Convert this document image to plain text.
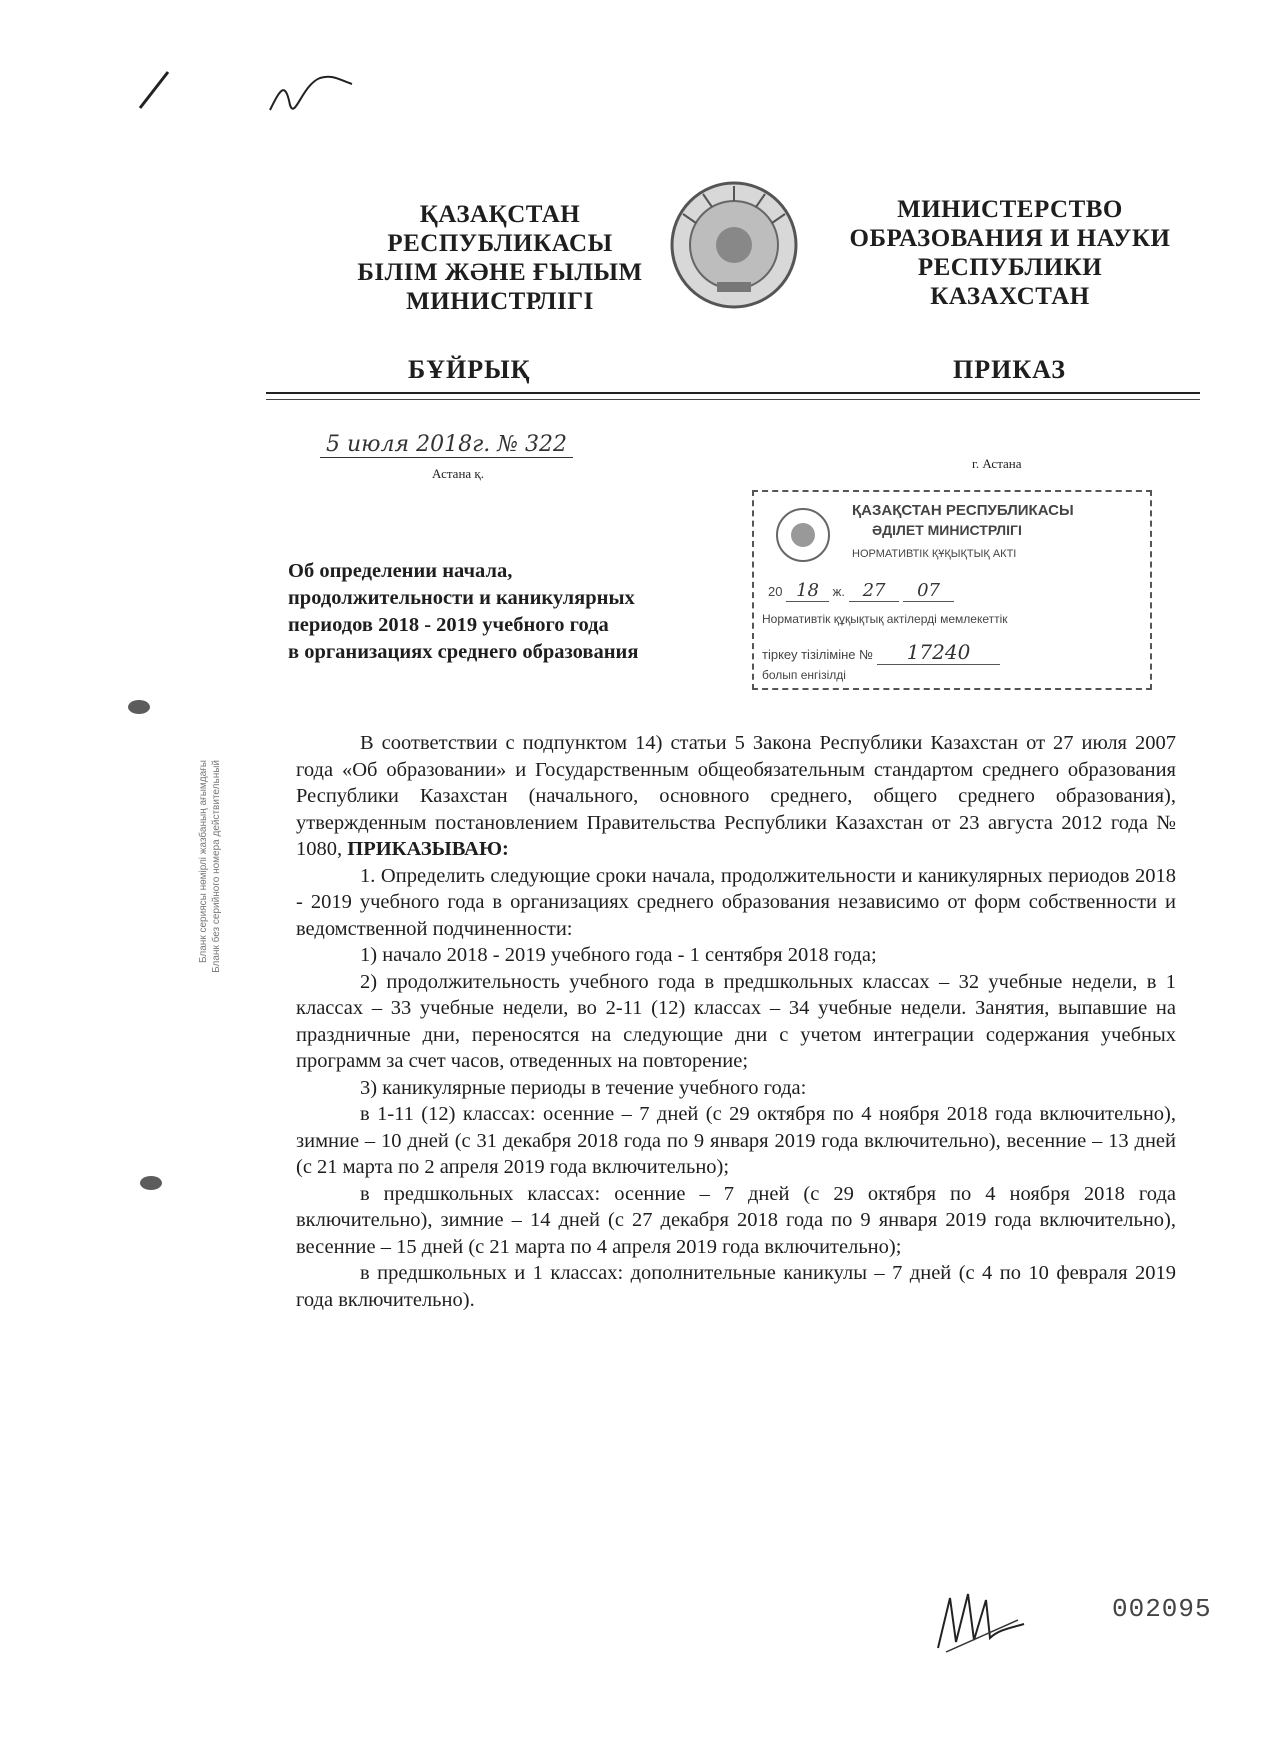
ҚАЗАҚСТАН
РЕСПУБЛИКАСЫ
БІЛІМ ЖӘНЕ ҒЫЛЫМ
МИНИСТРЛІГІ
МИНИСТЕРСТВО
ОБРАЗОВАНИЯ И НАУКИ
РЕСПУБЛИКИ
КАЗАХСТАН
БҰЙРЫҚ	ПРИКАЗ
5 июля 2018г. № 322
Астана қ.
г. Астана
ҚАЗАҚСТАН РЕСПУБЛИКАСЫ
ӘДІЛЕТ МИНИСТРЛІГІ
НОРМАТИВТІК ҚҰҚЫҚТЫҚ АКТІ
20 18 ж. 27 07
Нормативтік құқықтық актілерді мемлекеттік
тіркеу тізіліміне № 17240
болып енгізілді
Об определении начала,
продолжительности и каникулярных
периодов 2018 - 2019 учебного года
в организациях среднего образования

В соответствии с подпунктом 14) статьи 5 Закона Республики Казахстан от 27 июля 2007 года «Об образовании» и Государственным общеобязательным стандартом среднего образования Республики Казахстан (начального, основного среднего, общего среднего образования), утвержденным постановлением Правительства Республики Казахстан от 23 августа 2012 года № 1080, ПРИКАЗЫВАЮ:

1. Определить следующие сроки начала, продолжительности и каникулярных периодов 2018 - 2019 учебного года в организациях среднего образования независимо от форм собственности и ведомственной подчиненности:

1) начало 2018 - 2019 учебного года - 1 сентября 2018 года;

2) продолжительность учебного года в предшкольных классах – 32 учебные недели, в 1 классах – 33 учебные недели, во 2-11 (12) классах – 34 учебные недели. Занятия, выпавшие на праздничные дни, переносятся на следующие дни с учетом интеграции содержания учебных программ за счет часов, отведенных на повторение;

3) каникулярные периоды в течение учебного года:

в 1-11 (12) классах: осенние – 7 дней (с 29 октября по 4 ноября 2018 года включительно), зимние – 10 дней (с 31 декабря 2018 года по 9 января 2019 года включительно), весенние – 13 дней (с 21 марта по 2 апреля 2019 года включительно);

в предшкольных классах: осенние – 7 дней (с 29 октября по 4 ноября 2018 года включительно), зимние – 14 дней (с 27 декабря 2018 года по 9 января 2019 года включительно), весенние – 15 дней (с 21 марта по 4 апреля 2019 года включительно);

в предшкольных и 1 классах: дополнительные каникулы – 7 дней (с 4 по 10 февраля 2019 года включительно).

Бланк сериясы нөмірлі жазбаның ағымдағы Бланк без серийного номера действительный
002095
